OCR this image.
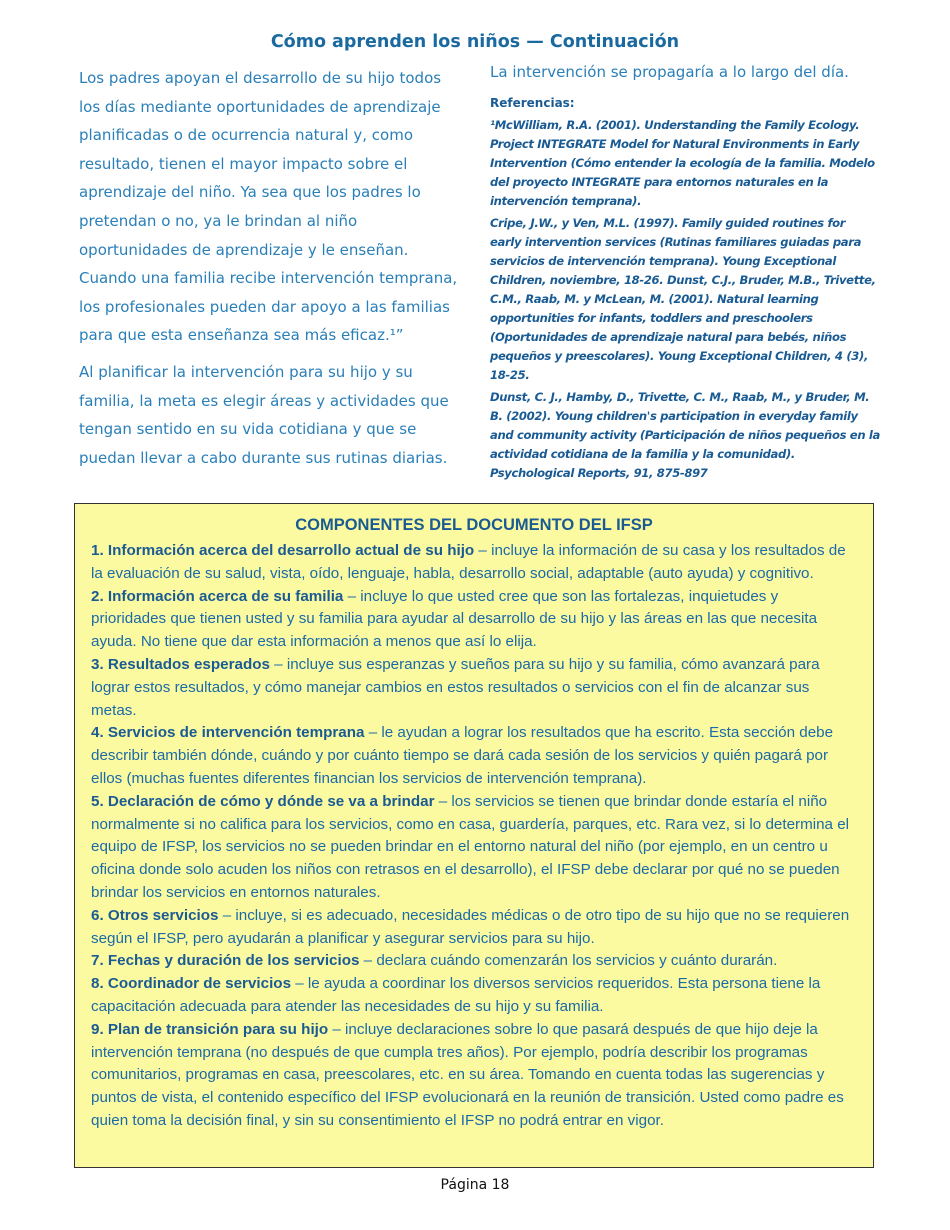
Cómo aprenden los niños — Continuación

Los padres apoyan el desarrollo de su hijo todos los días mediante oportunidades de aprendizaje planificadas o de ocurrencia natural y, como resultado, tienen el mayor impacto sobre el aprendizaje del niño. Ya sea que los padres lo pretendan o no, ya le brindan al niño oportunidades de aprendizaje y le enseñan. Cuando una familia recibe intervención temprana, los profesionales pueden dar apoyo a las familias para que esta enseñanza sea más eficaz.¹”

Al planificar la intervención para su hijo y su familia, la meta es elegir áreas y actividades que tengan sentido en su vida cotidiana y que se puedan llevar a cabo durante sus rutinas diarias.

La intervención se propagaría a lo largo del día.

Referencias:

¹McWilliam, R.A. (2001). Understanding the Family Ecology. Project INTEGRATE Model for Natural Environments in Early Intervention (Cómo entender la ecología de la familia. Modelo del proyecto INTEGRATE para entornos naturales en la intervención temprana).

Cripe, J.W., y Ven, M.L. (1997). Family guided routines for early intervention services (Rutinas familiares guiadas para servicios de intervención temprana). Young Exceptional Children, noviembre, 18-26. Dunst, C.J., Bruder, M.B., Trivette, C.M., Raab, M. y McLean, M. (2001). Natural learning opportunities for infants, toddlers and preschoolers (Oportunidades de aprendizaje natural para bebés, niños pequeños y preescolares). Young Exceptional Children, 4 (3), 18-25.

Dunst, C. J., Hamby, D., Trivette, C. M., Raab, M., y Bruder, M. B. (2002). Young children's participation in everyday family and community activity (Participación de niños pequeños en la actividad cotidiana de la familia y la comunidad). Psychological Reports, 91, 875-897

COMPONENTES DEL DOCUMENTO DEL IFSP
1. Información acerca del desarrollo actual de su hijo – incluye la información de su casa y los resultados de la evaluación de su salud, vista, oído, lenguaje, habla, desarrollo social, adaptable (auto ayuda) y cognitivo.
2. Información acerca de su familia – incluye lo que usted cree que son las fortalezas, inquietudes y prioridades que tienen usted y su familia para ayudar al desarrollo de su hijo y las áreas en las que necesita ayuda. No tiene que dar esta información a menos que así lo elija.
3. Resultados esperados – incluye sus esperanzas y sueños para su hijo y su familia, cómo avanzará para lograr estos resultados, y cómo manejar cambios en estos resultados o servicios con el fin de alcanzar sus metas.
4. Servicios de intervención temprana – le ayudan a lograr los resultados que ha escrito. Esta sección debe describir también dónde, cuándo y por cuánto tiempo se dará cada sesión de los servicios y quién pagará por ellos (muchas fuentes diferentes financian los servicios de intervención temprana).
5. Declaración de cómo y dónde se va a brindar – los servicios se tienen que brindar donde estaría el niño normalmente si no califica para los servicios, como en casa, guardería, parques, etc. Rara vez, si lo determina el equipo de IFSP, los servicios no se pueden brindar en el entorno natural del niño (por ejemplo, en un centro u oficina donde solo acuden los niños con retrasos en el desarrollo), el IFSP debe declarar por qué no se pueden brindar los servicios en entornos naturales.
6. Otros servicios – incluye, si es adecuado, necesidades médicas o de otro tipo de su hijo que no se requieren según el IFSP, pero ayudarán a planificar y asegurar servicios para su hijo.
7. Fechas y duración de los servicios – declara cuándo comenzarán los servicios y cuánto durarán.
8. Coordinador de servicios – le ayuda a coordinar los diversos servicios requeridos. Esta persona tiene la capacitación adecuada para atender las necesidades de su hijo y su familia.
9. Plan de transición para su hijo – incluye declaraciones sobre lo que pasará después de que hijo deje la intervención temprana (no después de que cumpla tres años). Por ejemplo, podría describir los programas comunitarios, programas en casa, preescolares, etc. en su área. Tomando en cuenta todas las sugerencias y puntos de vista, el contenido específico del IFSP evolucionará en la reunión de transición. Usted como padre es quien toma la decisión final, y sin su consentimiento el IFSP no podrá entrar en vigor.
Página 18
